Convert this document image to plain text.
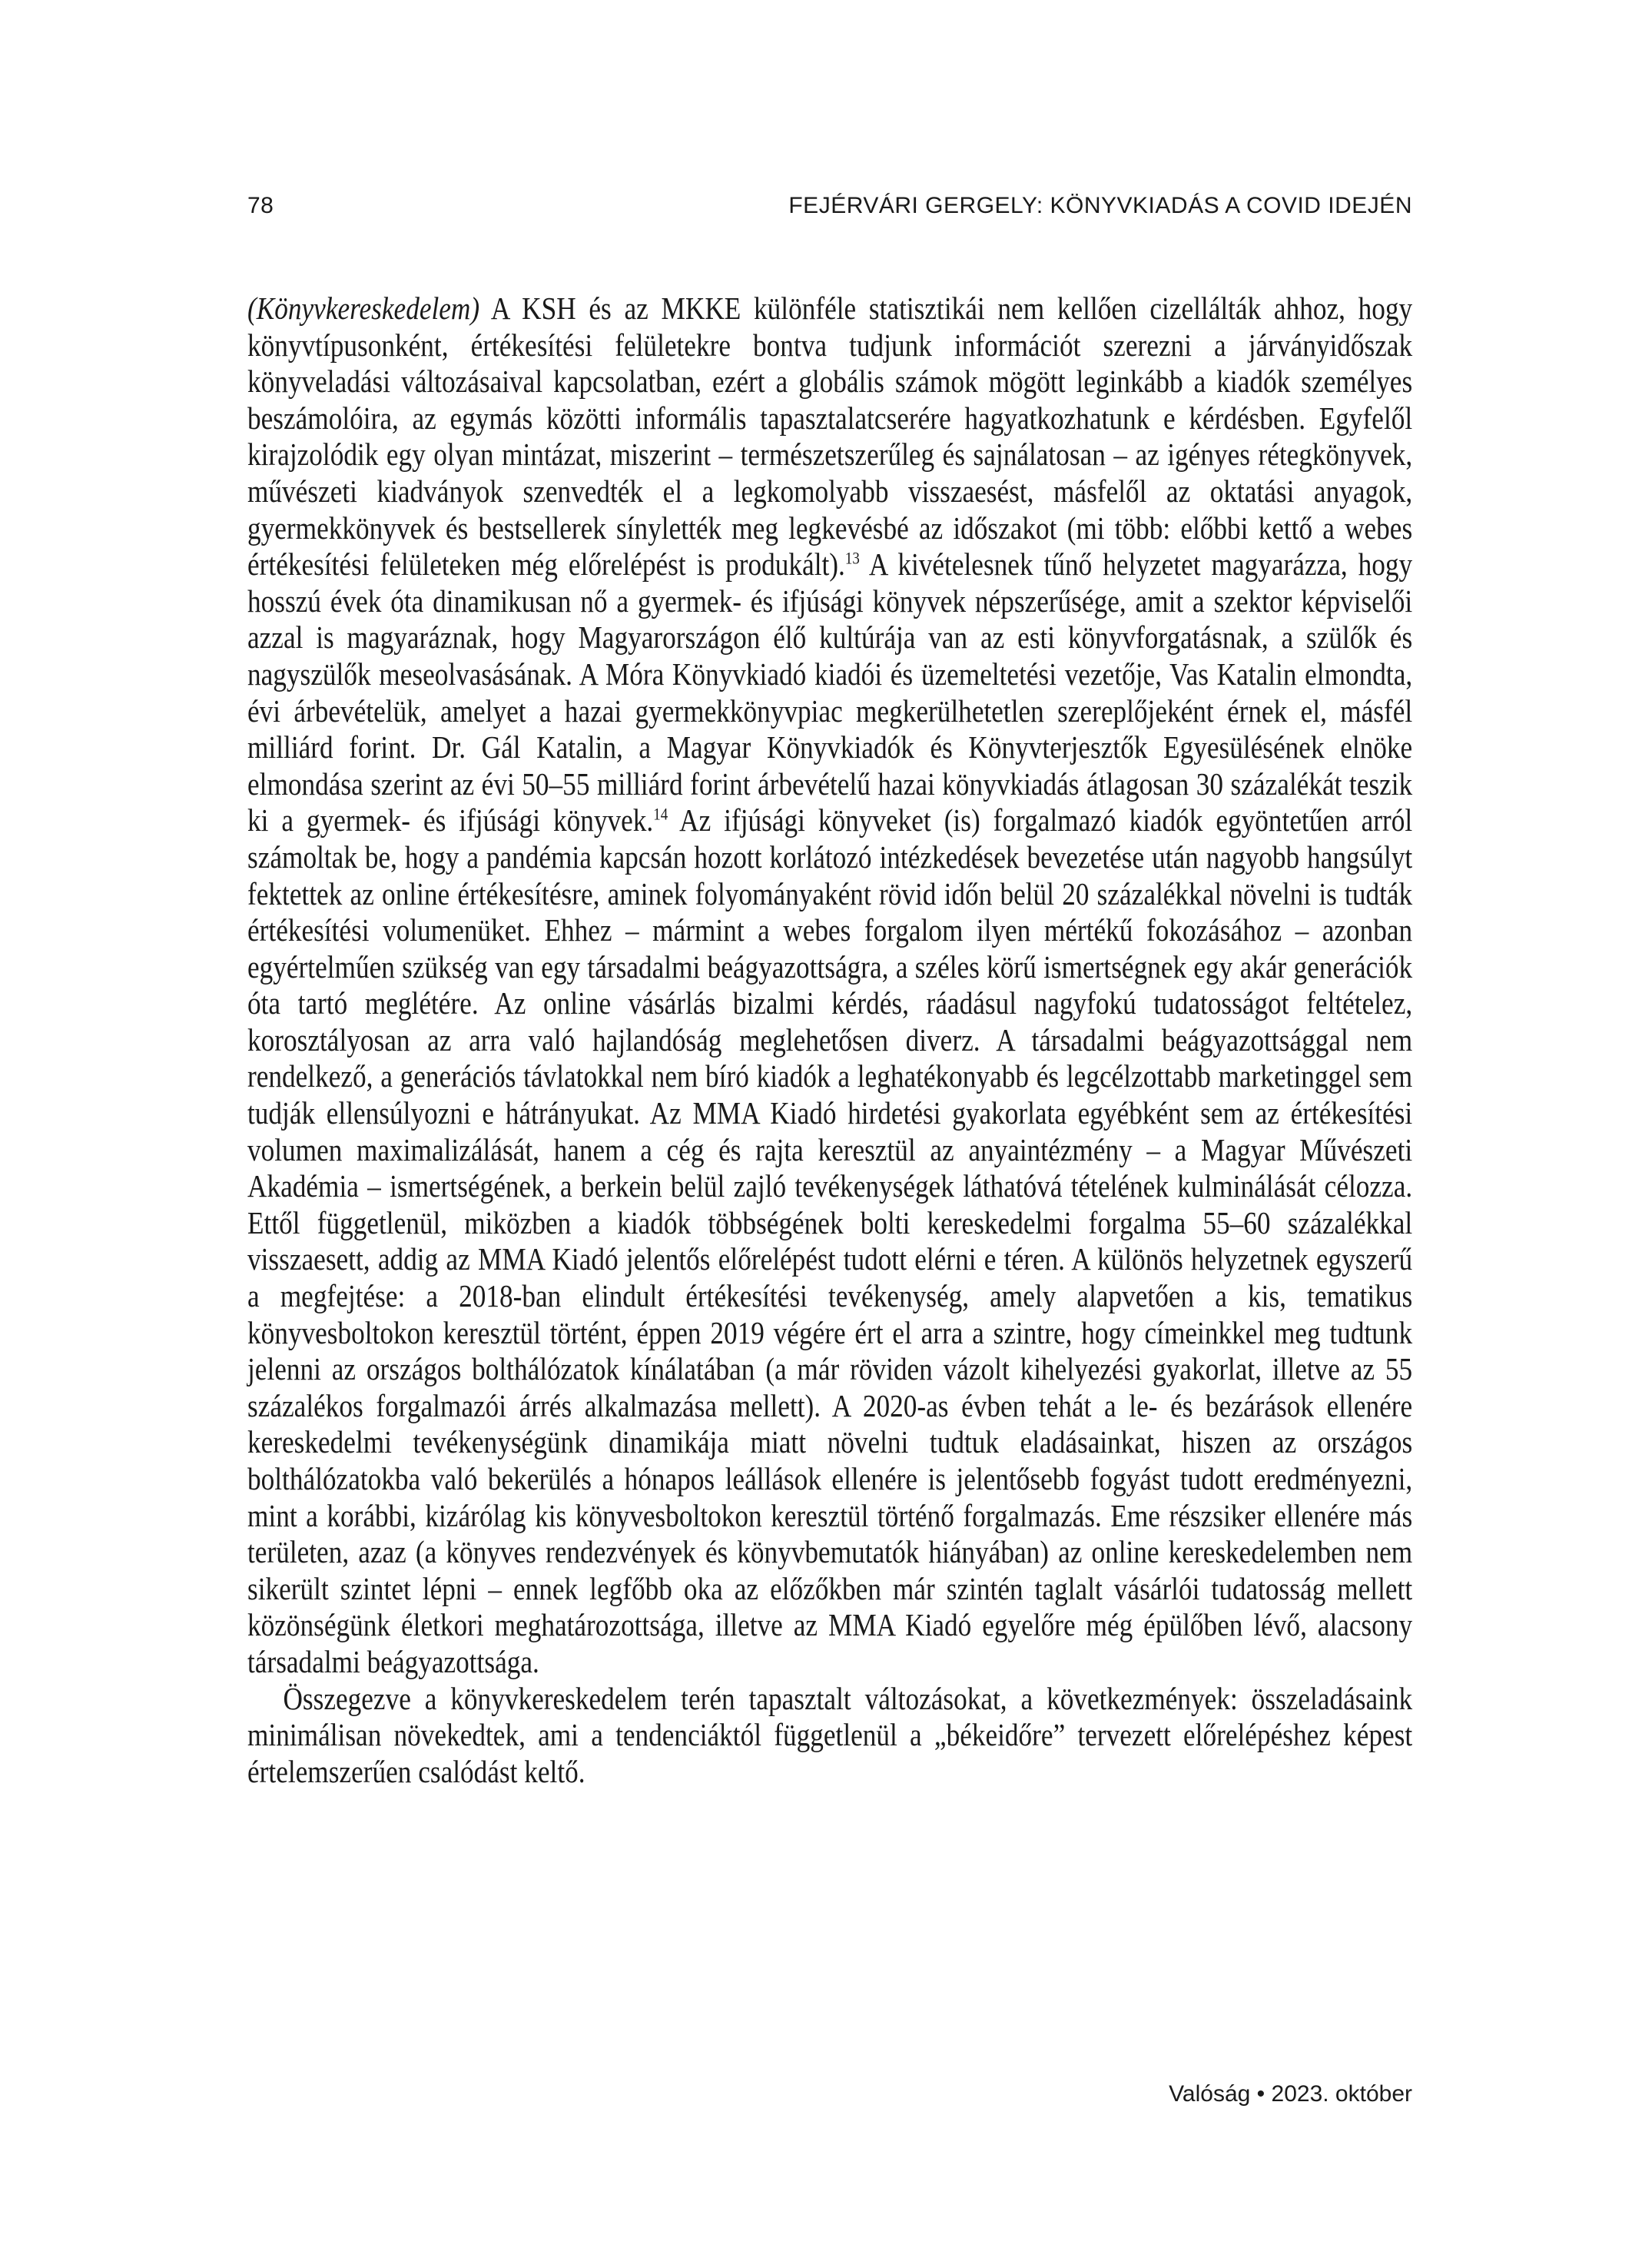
78	FEJÉRVÁRI GERGELY: KÖNYVKIADÁS A COVID IDEJÉN

(Könyvkereskedelem) A KSH és az MKKE különféle statisztikái nem kellően cizellálták ahhoz, hogy könyvtípusonként, értékesítési felületekre bontva tudjunk információt szerezni a járványidőszak könyveladási változásaival kapcsolatban, ezért a globális számok mögött leginkább a kiadók személyes beszámolóira, az egymás közötti informális tapasztalatcserére hagyatkozhatunk e kérdésben. Egyfelől kirajzolódik egy olyan mintázat, miszerint – természetszerűleg és sajnálatosan – az igényes rétegkönyvek, művészeti kiadványok szenvedték el a legkomolyabb visszaesést, másfelől az oktatási anyagok, gyermekkönyvek és bestsellerek sínylették meg legkevésbé az időszakot (mi több: előbbi kettő a webes értékesítési felületeken még előrelépést is produkált).$^{13}$ A kivételesnek tűnő helyzetet magyarázza, hogy hosszú évek óta dinamikusan nő a gyermek- és ifjúsági könyvek népszerűsége, amit a szektor képviselői azzal is magyaráznak, hogy Magyarországon élő kultúrája van az esti könyvforgatásnak, a szülők és nagyszülők meseolvasásának. A Móra Könyvkiadó kiadói és üzemeltetési vezetője, Vas Katalin elmondta, évi árbevételük, amelyet a hazai gyermekkönyvpiac megkerülhetetlen szereplőjeként érnek el, másfél milliárd forint. Dr. Gál Katalin, a Magyar Könyvkiadók és Könyvterjesztők Egyesülésének elnöke elmondása szerint az évi 50–55 milliárd forint árbevételű hazai könyvkiadás átlagosan 30 százalékát teszik ki a gyermek- és ifjúsági könyvek.$^{14}$ Az ifjúsági könyveket (is) forgalmazó kiadók egyöntetűen arról számoltak be, hogy a pandémia kapcsán hozott korlátozó intézkedések bevezetése után nagyobb hangsúlyt fektettek az online értékesítésre, aminek folyományaként rövid időn belül 20 százalékkal növelni is tudták értékesítési volumenüket. Ehhez – mármint a webes forgalom ilyen mértékű fokozásához – azonban egyértelműen szükség van egy társadalmi beágyazottságra, a széles körű ismertségnek egy akár generációk óta tartó meglétére. Az online vásárlás bizalmi kérdés, ráadásul nagyfokú tudatosságot feltételez, korosztályosan az arra való hajlandóság meglehetősen diverz. A társadalmi beágyazottsággal nem rendelkező, a generációs távlatokkal nem bíró kiadók a leghatékonyabb és legcélzottabb marketinggel sem tudják ellensúlyozni e hátrányukat. Az MMA Kiadó hirdetési gyakorlata egyébként sem az értékesítési volumen maximalizálását, hanem a cég és rajta keresztül az anyaintézmény – a Magyar Művészeti Akadémia – ismertségének, a berkein belül zajló tevékenységek láthatóvá tételének kulminálását célozza. Ettől függetlenül, miközben a kiadók többségének bolti kereskedelmi forgalma 55–60 százalékkal visszaesett, addig az MMA Kiadó jelentős előrelépést tudott elérni e téren. A különös helyzetnek egyszerű a megfejtése: a 2018-ban elindult értékesítési tevékenység, amely alapvetően a kis, tematikus könyvesboltokon keresztül történt, éppen 2019 végére ért el arra a szintre, hogy címeinkkel meg tudtunk jelenni az országos bolthálózatok kínálatában (a már röviden vázolt kihelyezési gyakorlat, illetve az 55 százalékos forgalmazói árrés alkalmazása mellett). A 2020-as évben tehát a le- és bezárások ellenére kereskedelmi tevékenységünk dinamikája miatt növelni tudtuk eladásainkat, hiszen az országos bolthálózatokba való bekerülés a hónapos leállások ellenére is jelentősebb fogyást tudott eredményezni, mint a korábbi, kizárólag kis könyvesboltokon keresztül történő forgalmazás. Eme részsiker ellenére más területen, azaz (a könyves rendezvények és könyvbemutatók hiányában) az online kereskedelemben nem sikerült szintet lépni – ennek legfőbb oka az előzőkben már szintén taglalt vásárlói tudatosság mellett közönségünk életkori meghatározottsága, illetve az MMA Kiadó egyelőre még épülőben lévő, alacsony társadalmi beágyazottsága.

Összegezve a könyvkereskedelem terén tapasztalt változásokat, a következmények: összeladásaink minimálisan növekedtek, ami a tendenciáktól függetlenül a „békeidőre” tervezett előrelépéshez képest értelemszerűen csalódást keltő.

Valóság • 2023. október
